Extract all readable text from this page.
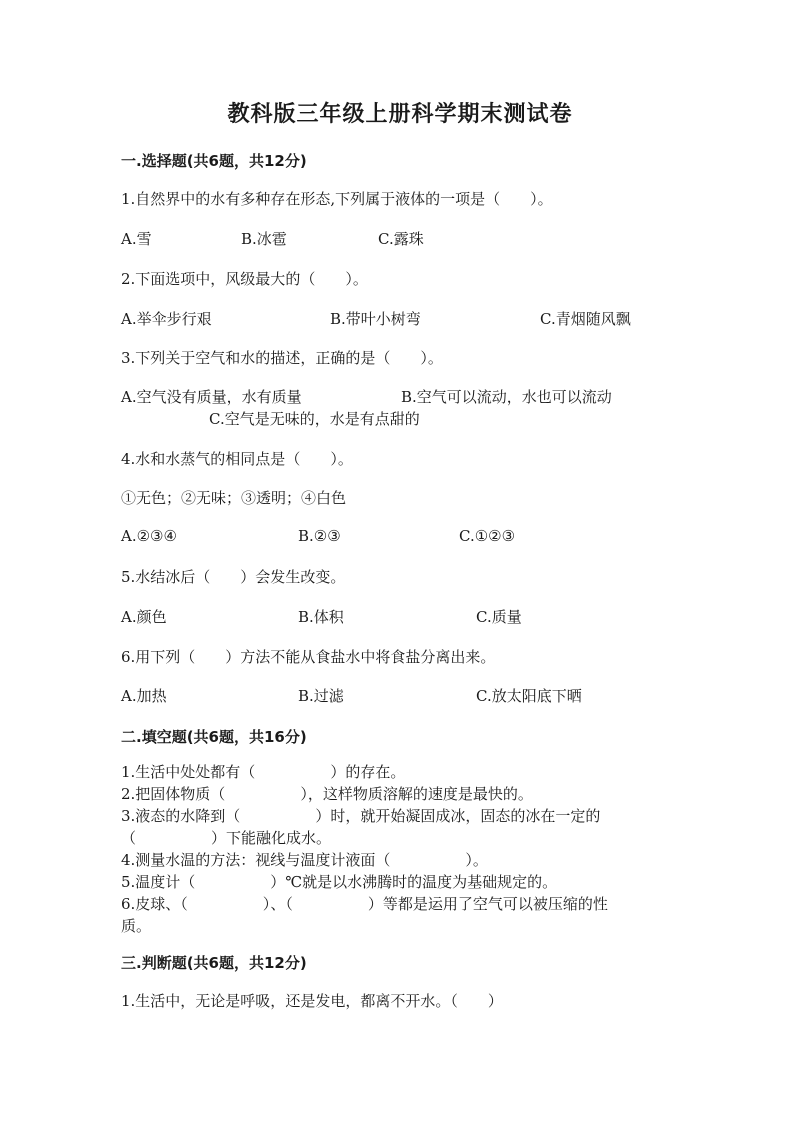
教科版三年级上册科学期末测试卷
一.选择题(共6题，共12分)
1.自然界中的水有多种存在形态,下列属于液体的一项是（　　）。
A.雪	B.冰雹	C.露珠
2.下面选项中，风级最大的（　　）。
A.举伞步行艰	B.带叶小树弯	C.青烟随风飘
3.下列关于空气和水的描述，正确的是（　　）。
A.空气没有质量，水有质量	B.空气可以流动，水也可以流动
C.空气是无味的，水是有点甜的
4.水和水蒸气的相同点是（　　）。
①无色；②无味；③透明；④白色
A.②③④	B.②③	C.①②③
5.水结冰后（　　）会发生改变。
A.颜色	B.体积	C.质量
6.用下列（　　）方法不能从食盐水中将食盐分离出来。
A.加热	B.过滤	C.放太阳底下晒
二.填空题(共6题，共16分)
1.生活中处处都有（　　　　　）的存在。
2.把固体物质（　　　　　），这样物质溶解的速度是最快的。
3.液态的水降到（　　　　　）时，就开始凝固成冰，固态的冰在一定的
（　　　　　）下能融化成水。
4.测量水温的方法：视线与温度计液面（　　　　　）。
5.温度计（　　　　　）℃就是以水沸腾时的温度为基础规定的。
6.皮球、（　　　　　）、（　　　　　）等都是运用了空气可以被压缩的性
质。
三.判断题(共6题，共12分)
1.生活中，无论是呼吸，还是发电，都离不开水。（　　）
